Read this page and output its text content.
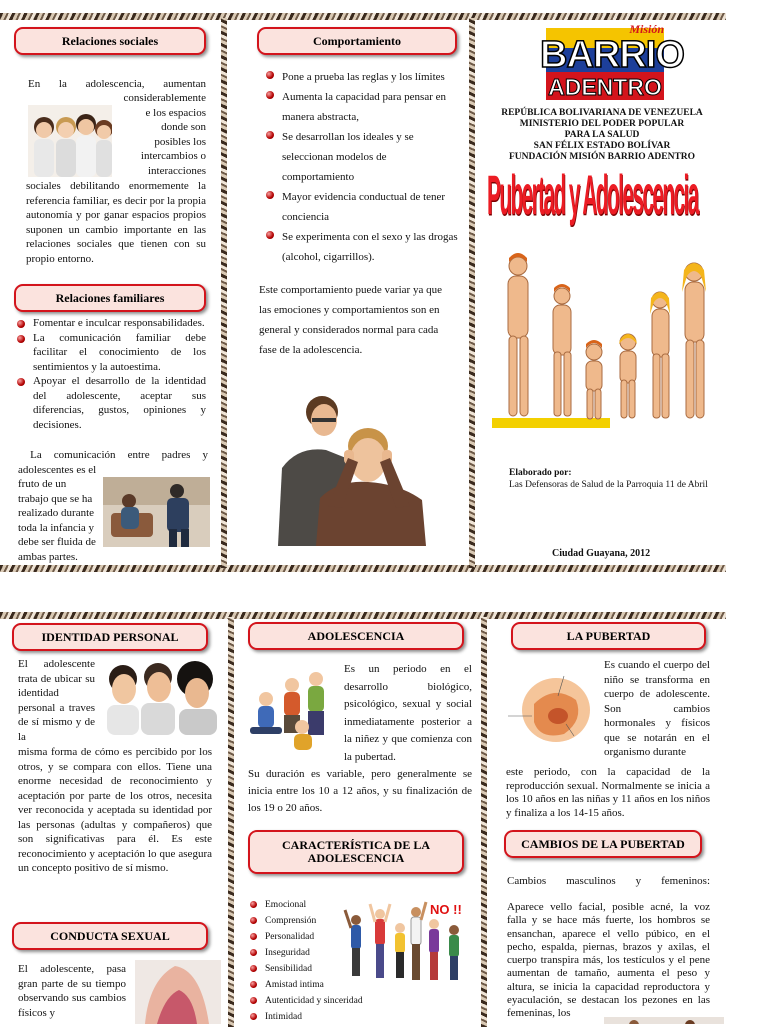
Relaciones sociales
En la adolescencia, aumentan
considerablemente
e los espacios
donde son
posibles los
intercambios o
interacciones
sociales debilitando enormemente la referencia familiar, es decir por la propia autonomía y por ganar espacios propios suponen un cambio importante en las relaciones sociales que tienen con su propio entorno.
Relaciones familiares
Fomentar e inculcar responsabilidades.
La comunicación familiar debe facilitar el conocimiento de los sentimientos y la autoestima.
Apoyar el desarrollo de la identidad del adolescente, aceptar sus diferencias, gustos, opiniones y decisiones.
La comunicación entre padres y
adolescentes es el fruto de un trabajo que se ha realizado durante toda la infancia y debe ser fluida de ambas partes.
Comportamiento
Pone a prueba las reglas y los límites
Aumenta la capacidad para pensar en manera abstracta,
Se desarrollan los ideales y se seleccionan modelos de comportamiento
Mayor evidencia conductual de tener conciencia
Se experimenta con el sexo y las drogas (alcohol, cigarrillos).
Este comportamiento puede variar ya que las emociones y comportamientos son en general y considerados normal para cada fase de la adolescencia.
Misión
BARRIO
ADENTRO
REPÚBLICA BOLIVARIANA DE VENEZUELA
MINISTERIO DEL PODER POPULAR
PARA LA SALUD
SAN FÉLIX ESTADO BOLÍVAR
FUNDACIÓN MISIÓN BARRIO ADENTRO
Pubertad y Adolescencia
Elaborado por:
Las Defensoras de Salud de la Parroquia 11 de Abril
Ciudad Guayana, 2012
IDENTIDAD PERSONAL
El adolescente trata de ubicar su identidad personal a traves de sí mismo y de la
misma forma de cómo es percibido por los otros, y se compara con ellos. Tiene una enorme necesidad de reconocimiento y aceptación por parte de los otros, necesita ver reconocida y aceptada su identidad por las personas (adultas y compañeros) que son significativas para él. Es este reconocimiento y aceptación lo que asegura un concepto positivo de sí mismo.
CONDUCTA SEXUAL
El adolescente, pasa gran parte de su tiempo observando sus cambios físicos y
ADOLESCENCIA
Es un periodo en el desarrollo biológico, psicológico, sexual y social inmediatamente posterior a la niñez y que comienza con la pubertad.
Su duración es variable, pero generalmente se inicia entre los 10 a 12 años, y su finalización de los 19 o 20 años.
CARACTERÍSTICA DE LA ADOLESCENCIA
Emocional
Comprensión
Personalidad
Inseguridad
Sensibilidad
Amistad intima
Autenticidad y sinceridad
Intimidad
NO !!
LA PUBERTAD
Es cuando el cuerpo del niño se transforma en cuerpo de adolescente. Son cambios hormonales y físicos que se notarán en el organismo durante
este periodo, con la capacidad de la reproducción sexual. Normalmente se inicia a los 10 años en las niñas y 11 años en los niños y finaliza a los 14-15 años.
CAMBIOS DE LA PUBERTAD
Cambios masculinos y femeninos:
Aparece vello facial, posible acné, la voz falla y se hace más fuerte, los hombros se ensanchan, aparece el vello púbico, en el pecho, espalda, piernas, brazos y axilas, el cuerpo transpira más, los testículos y el pene aumentan de tamaño, aumenta el peso y altura, se inicia la capacidad reproductora y eyaculación, se destacan los pezones en las femeninas, los
